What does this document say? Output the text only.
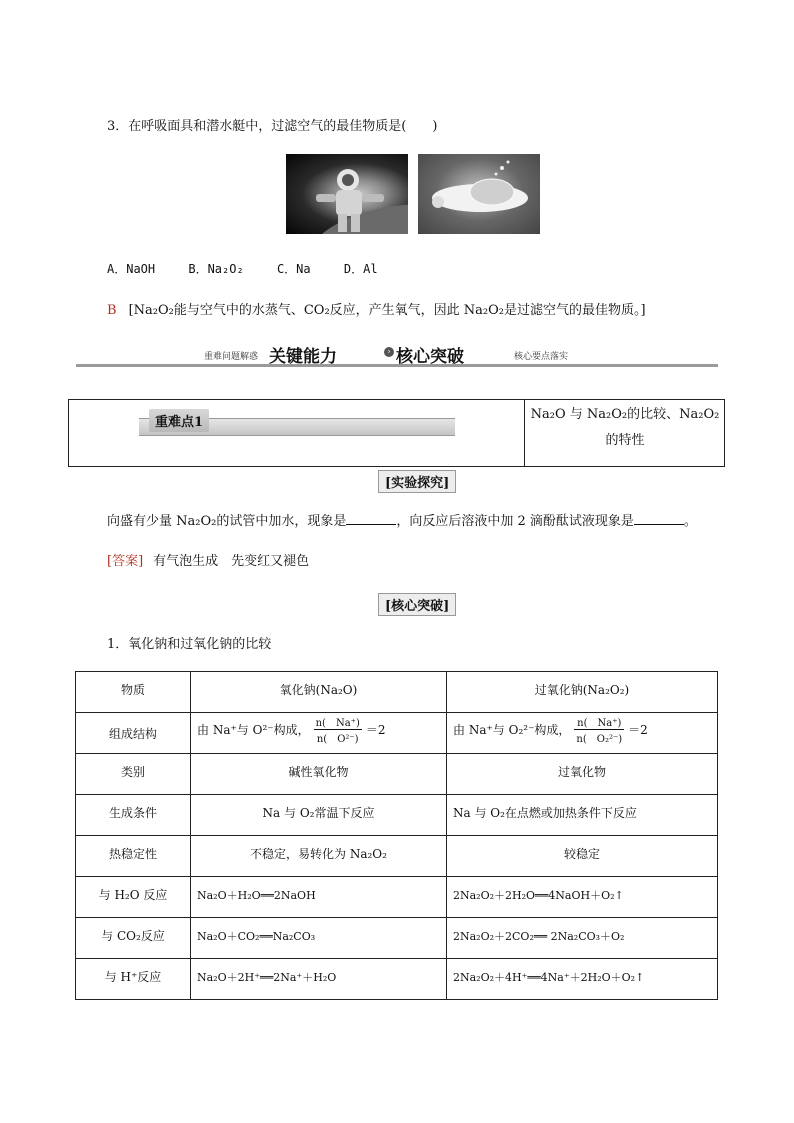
3．在呼吸面具和潜水艇中，过滤空气的最佳物质是(　　)
A．NaOH	B．Na₂O₂	C．Na	D．Al
B [Na₂O₂能与空气中的水蒸气、CO₂反应，产生氧气，因此 Na₂O₂是过滤空气的最佳物质。]
重难问题解惑 关键能力	› 核心突破	核心要点落实
重难点1
Na₂O 与 Na₂O₂的比较、Na₂O₂的特性
[实验探究]
向盛有少量 Na₂O₂的试管中加水，现象是	，向反应后溶液中加 2 滴酚酞试液现象是	。
[答案] 有气泡生成　先变红又褪色
[核心突破]
1．氧化钠和过氧化钠的比较
物质	氧化钠(Na₂O)	过氧化钠(Na₂O₂)
组成结构	由 Na⁺与 O²⁻构成， $\frac{n( Na^+)}{\text{n(　O²⁻)}} =2$	由 Na⁺与 O₂²⁻构成， $\frac{n( Na^+)}{\text{n(　O₂²⁻)}} =2$

类别	碱性氧化物	过氧化物
生成条件	Na 与 O₂常温下反应	Na 与 O₂在点燃或加热条件下反应
热稳定性	不稳定，易转化为 Na₂O₂	较稳定
与 H₂O 反应	Na₂O＋H₂O══2NaOH	2Na₂O₂＋2H₂O══4NaOH＋O₂↑
与 CO₂反应	Na₂O＋CO₂══Na₂CO₃	2Na₂O₂＋2CO₂══ 2Na₂CO₃＋O₂
与 H⁺反应	Na₂O＋2H⁺══2Na⁺＋H₂O	2Na₂O₂＋4H⁺══4Na⁺＋2H₂O＋O₂↑
